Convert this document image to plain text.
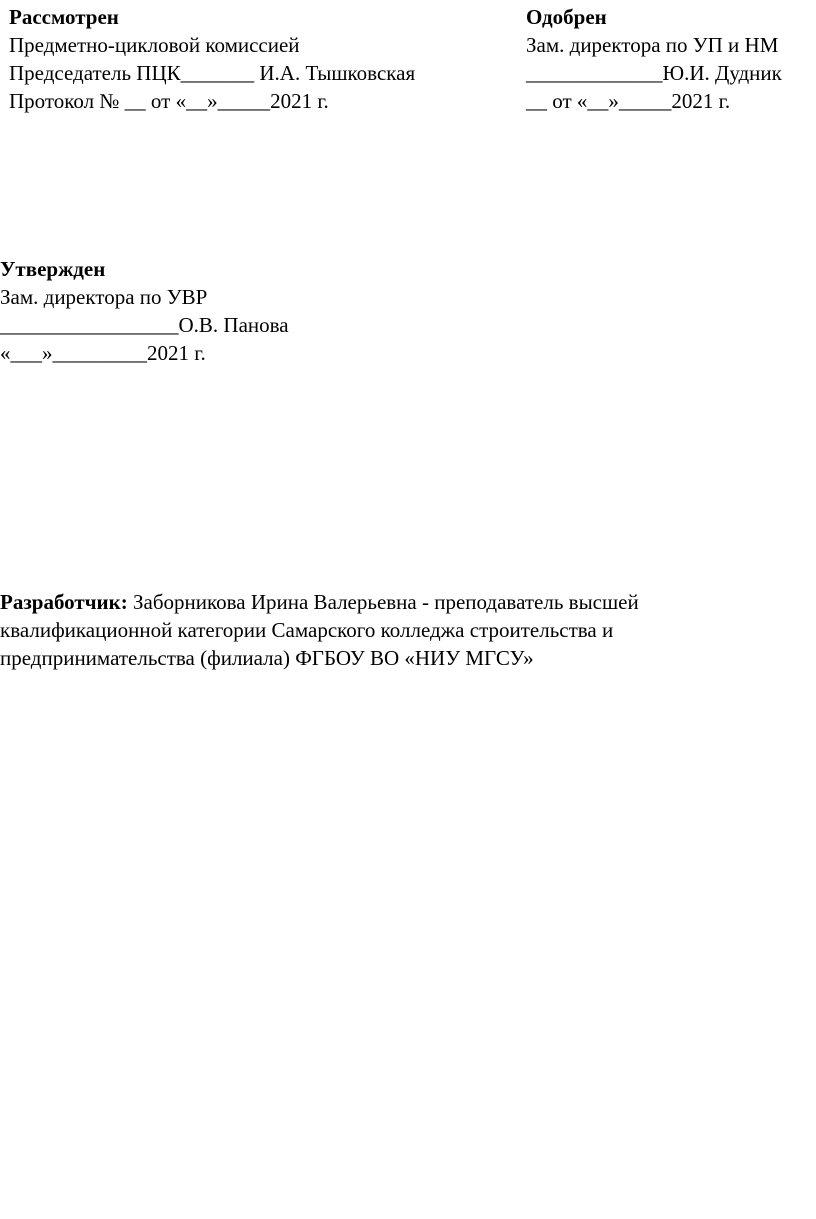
Рассмотрен
Предметно-цикловой комиссией
Председатель ПЦК_______ И.А. Тышковская
Протокол № __ от «__»_____2021 г.
Одобрен
Зам. директора по УП и НМ
_____________Ю.И. Дудник
__ от «__»_____2021 г.
Утвержден
Зам. директора по УВР
_________________О.В. Панова
«___»_________2021 г.
Разработчик: Заборникова Ирина Валерьевна - преподаватель высшей квалификационной категории Самарского колледжа строительства и предпринимательства (филиала) ФГБОУ ВО «НИУ МГСУ»
